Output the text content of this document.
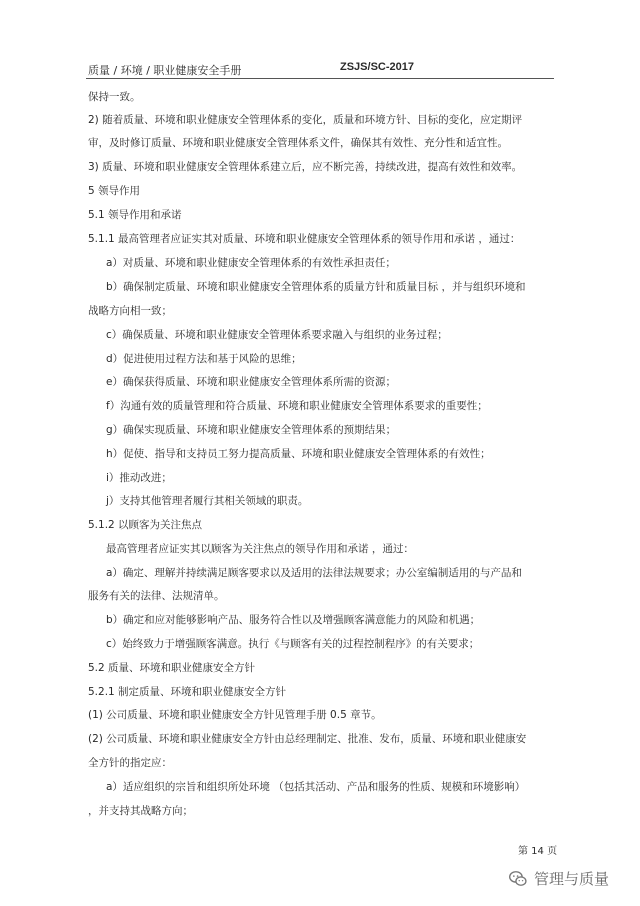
质量 / 环境 / 职业健康安全手册	ZSJS/SC-2017
保持一致。
2) 随着质量、环境和职业健康安全管理体系的变化，质量和环境方针、目标的变化，应定期评
审，及时修订质量、环境和职业健康安全管理体系文件，确保其有效性、充分性和适宜性。
3) 质量、环境和职业健康安全管理体系建立后，应不断完善，持续改进，提高有效性和效率。
5 领导作用
5.1 领导作用和承诺
5.1.1 最高管理者应证实其对质量、环境和职业健康安全管理体系的领导作用和承诺 ，通过：
a）对质量、环境和职业健康安全管理体系的有效性承担责任；
b）确保制定质量、环境和职业健康安全管理体系的质量方针和质量目标 ，并与组织环境和
战略方向相一致；
c）确保质量、环境和职业健康安全管理体系要求融入与组织的业务过程；
d）促进使用过程方法和基于风险的思维；
e）确保获得质量、环境和职业健康安全管理体系所需的资源；
f）沟通有效的质量管理和符合质量、环境和职业健康安全管理体系要求的重要性；
g）确保实现质量、环境和职业健康安全管理体系的预期结果；
h）促使、指导和支持员工努力提高质量、环境和职业健康安全管理体系的有效性；
i）推动改进；
j）支持其他管理者履行其相关领域的职责。
5.1.2 以顾客为关注焦点
最高管理者应证实其以顾客为关注焦点的领导作用和承诺 ，通过：
a）确定、理解并持续满足顾客要求以及适用的法律法规要求；办公室编制适用的与产品和
服务有关的法律、法规清单。
b）确定和应对能够影响产品、服务符合性以及增强顾客满意能力的风险和机遇；
c）始终致力于增强顾客满意。执行《与顾客有关的过程控制程序》的有关要求；
5.2 质量、环境和职业健康安全方针
5.2.1 制定质量、环境和职业健康安全方针
(1) 公司质量、环境和职业健康安全方针见管理手册 0.5 章节。
(2) 公司质量、环境和职业健康安全方针由总经理制定、批准、发布，质量、环境和职业健康安
全方针的指定应：
a）适应组织的宗旨和组织所处环境 （包括其活动、产品和服务的性质、规模和环境影响）
，并支持其战略方向；
第 14 页
管理与质量
